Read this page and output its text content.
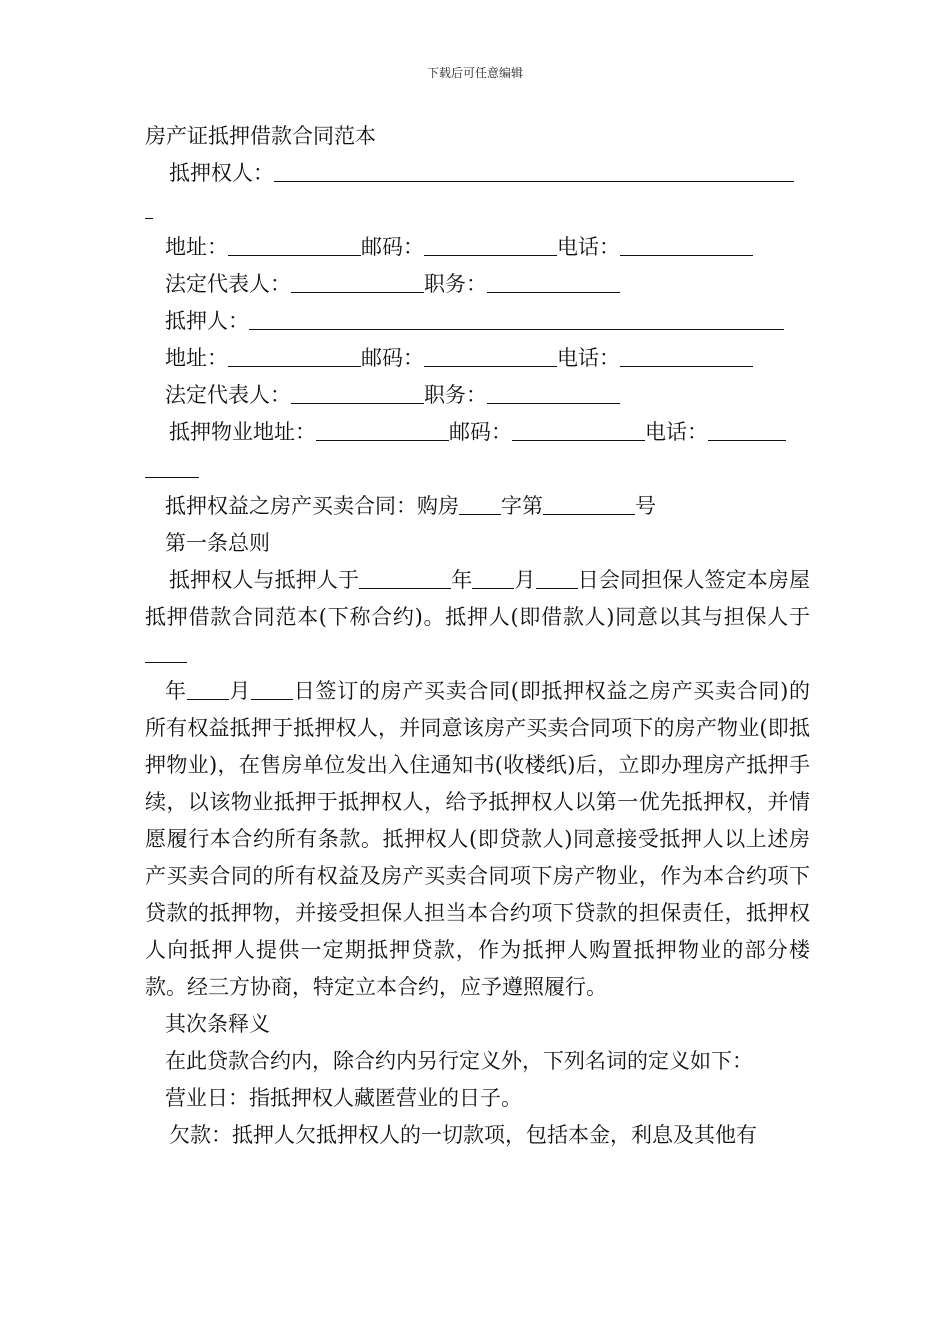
下载后可任意编辑
房产证抵押借款合同范本
抵押权人：
地址：	邮码：	电话：
法定代表人：	职务：
抵押人：
地址：	邮码：	电话：
法定代表人：	职务：
抵押物业地址：	邮码：	电话：
抵押权益之房产买卖合同：购房 字第	号
第一条总则
抵押权人与抵押人于	年 月 日会同担保人签定本房屋抵押借款合同范本(下称合约)。抵押人(即借款人)同意以其与担保人于
年 月 日签订的房产买卖合同(即抵押权益之房产买卖合同)的所有权益抵押于抵押权人，并同意该房产买卖合同项下的房产物业(即抵押物业)，在售房单位发出入住通知书(收楼纸)后，立即办理房产抵押手续，以该物业抵押于抵押权人，给予抵押权人以第一优先抵押权，并情愿履行本合约所有条款。抵押权人(即贷款人)同意接受抵押人以上述房产买卖合同的所有权益及房产买卖合同项下房产物业，作为本合约项下贷款的抵押物，并接受担保人担当本合约项下贷款的担保责任，抵押权人向抵押人提供一定期抵押贷款，作为抵押人购置抵押物业的部分楼款。经三方协商，特定立本合约，应予遵照履行。
其次条释义
在此贷款合约内，除合约内另行定义外，下列名词的定义如下：
营业日：指抵押权人藏匿营业的日子。
欠款：抵押人欠抵押权人的一切款项，包括本金，利息及其他有
